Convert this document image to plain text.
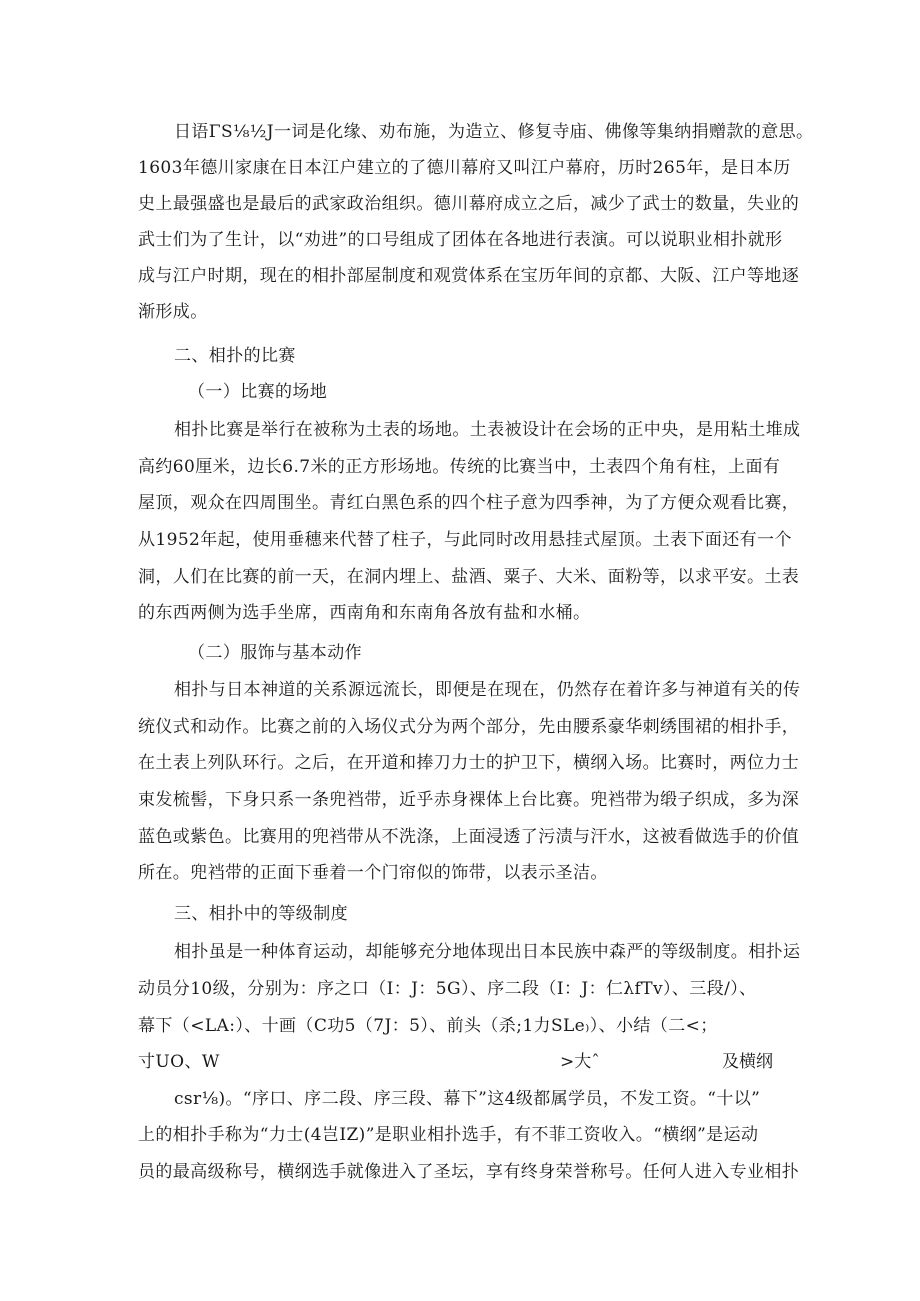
日语ΓS⅛½J一词是化缘、劝布施，为造立、修复寺庙、佛像等集纳捐赠款的意思。
1603年德川家康在日本江户建立的了德川幕府又叫江户幕府，历时265年，是日本历
史上最强盛也是最后的武家政治组织。德川幕府成立之后，减少了武士的数量，失业的
武士们为了生计，以“劝进”的口号组成了团体在各地进行表演。可以说职业相扑就形
成与江户时期，现在的相扑部屋制度和观赏体系在宝历年间的京都、大阪、江户等地逐
渐形成。
二、相扑的比赛
（一）比赛的场地
相扑比赛是举行在被称为土表的场地。土表被设计在会场的正中央，是用粘土堆成
高约60厘米，边长6.7米的正方形场地。传统的比赛当中，土表四个角有柱，上面有
屋顶，观众在四周围坐。青红白黑色系的四个柱子意为四季神，为了方便众观看比赛，
从1952年起，使用垂穗来代替了柱子，与此同时改用悬挂式屋顶。土表下面还有一个
洞，人们在比赛的前一天，在洞内埋上、盐酒、粟子、大米、面粉等，以求平安。土表
的东西两侧为选手坐席，西南角和东南角各放有盐和水桶。
（二）服饰与基本动作
相扑与日本神道的关系源远流长，即便是在现在，仍然存在着许多与神道有关的传
统仪式和动作。比赛之前的入场仪式分为两个部分，先由腰系豪华刺绣围裙的相扑手，
在土表上列队环行。之后，在开道和捧刀力士的护卫下，横纲入场。比赛时，两位力士
束发梳髻，下身只系一条兜裆带，近乎赤身裸体上台比赛。兜裆带为缎子织成，多为深
蓝色或紫色。比赛用的兜裆带从不洗涤，上面浸透了污渍与汗水，这被看做选手的价值
所在。兜裆带的正面下垂着一个门帘似的饰带，以表示圣洁。
三、相扑中的等级制度
相扑虽是一种体育运动，却能够充分地体现出日本民族中森严的等级制度。相扑运
动员分10级，分别为：序之口（I：J：5G）、序二段（I：J：仁λfTv）、三段/）、
幕下（<LA:）、十画（C功5（7J：5）、前头（杀;1力SLe₎）、小结（二<；
寸UO、W	>大ˆ	及横纲
csr⅛)。“序口、序二段、序三段、幕下”这4级都属学员，不发工资。“十以”
上的相扑手称为“力士(4岂IZ)”是职业相扑选手，有不菲工资收入。“横纲”是运动
员的最高级称号，横纲选手就像进入了圣坛，享有终身荣誉称号。任何人进入专业相扑
